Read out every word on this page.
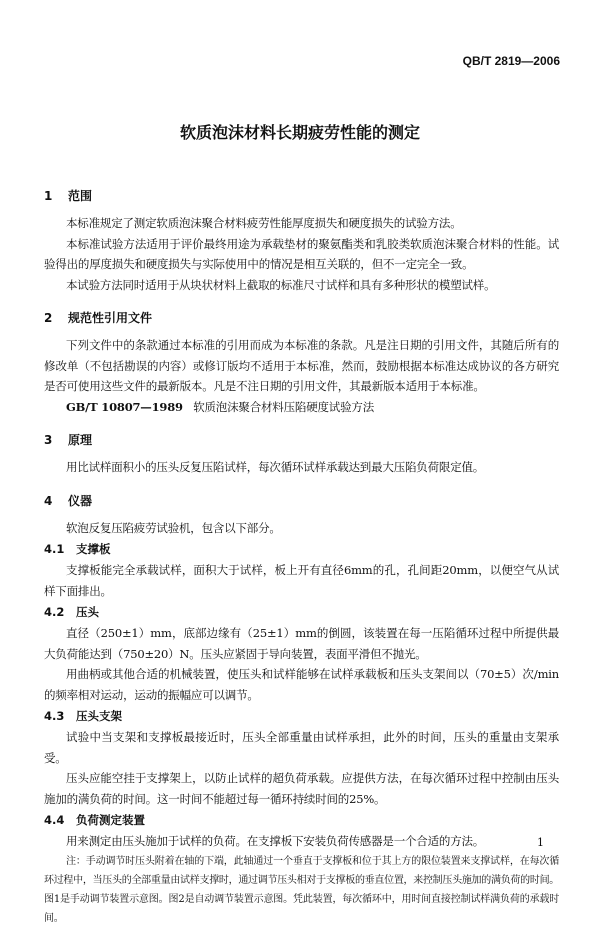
QB/T 2819—2006
软质泡沫材料长期疲劳性能的测定
1 范围

本标准规定了测定软质泡沫聚合材料疲劳性能厚度损失和硬度损失的试验方法。

本标准试验方法适用于评价最终用途为承载垫材的聚氨酯类和乳胶类软质泡沫聚合材料的性能。试验得出的厚度损失和硬度损失与实际使用中的情况是相互关联的，但不一定完全一致。

本试验方法同时适用于从块状材料上截取的标准尺寸试样和具有多种形状的模塑试样。

2 规范性引用文件

下列文件中的条款通过本标准的引用而成为本标准的条款。凡是注日期的引用文件，其随后所有的修改单（不包括勘误的内容）或修订版均不适用于本标准，然而，鼓励根据本标准达成协议的各方研究是否可使用这些文件的最新版本。凡是不注日期的引用文件，其最新版本适用于本标准。

GB/T 10807—1989 软质泡沫聚合材料压陷硬度试验方法

3 原理

用比试样面积小的压头反复压陷试样，每次循环试样承载达到最大压陷负荷限定值。

4 仪器

软泡反复压陷疲劳试验机，包含以下部分。

4.1 支撑板

支撑板能完全承载试样，面积大于试样，板上开有直径6mm的孔，孔间距20mm，以便空气从试样下面排出。

4.2 压头

直径（250±1）mm，底部边缘有（25±1）mm的倒圆，该装置在每一压陷循环过程中所提供最大负荷能达到（750±20）N。压头应紧固于导向装置，表面平滑但不抛光。

用曲柄或其他合适的机械装置，使压头和试样能够在试样承载板和压头支架间以（70±5）次/min的频率相对运动，运动的振幅应可以调节。

4.3 压头支架

试验中当支架和支撑板最接近时，压头全部重量由试样承担，此外的时间，压头的重量由支架承受。

压头应能空挂于支撑架上，以防止试样的超负荷承载。应提供方法，在每次循环过程中控制由压头施加的满负荷的时间。这一时间不能超过每一循环持续时间的25%。

4.4 负荷测定装置

用来测定由压头施加于试样的负荷。在支撑板下安装负荷传感器是一个合适的方法。

注：手动调节时压头附着在轴的下端，此轴通过一个垂直于支撑板和位于其上方的限位装置来支撑试样，在每次循环过程中，当压头的全部重量由试样支撑时，通过调节压头相对于支撑板的垂直位置，来控制压头施加的满负荷的时间。图1是手动调节装置示意图。图2是自动调节装置示意图。凭此装置，每次循环中，用时间直接控制试样满负荷的承载时间。

1
